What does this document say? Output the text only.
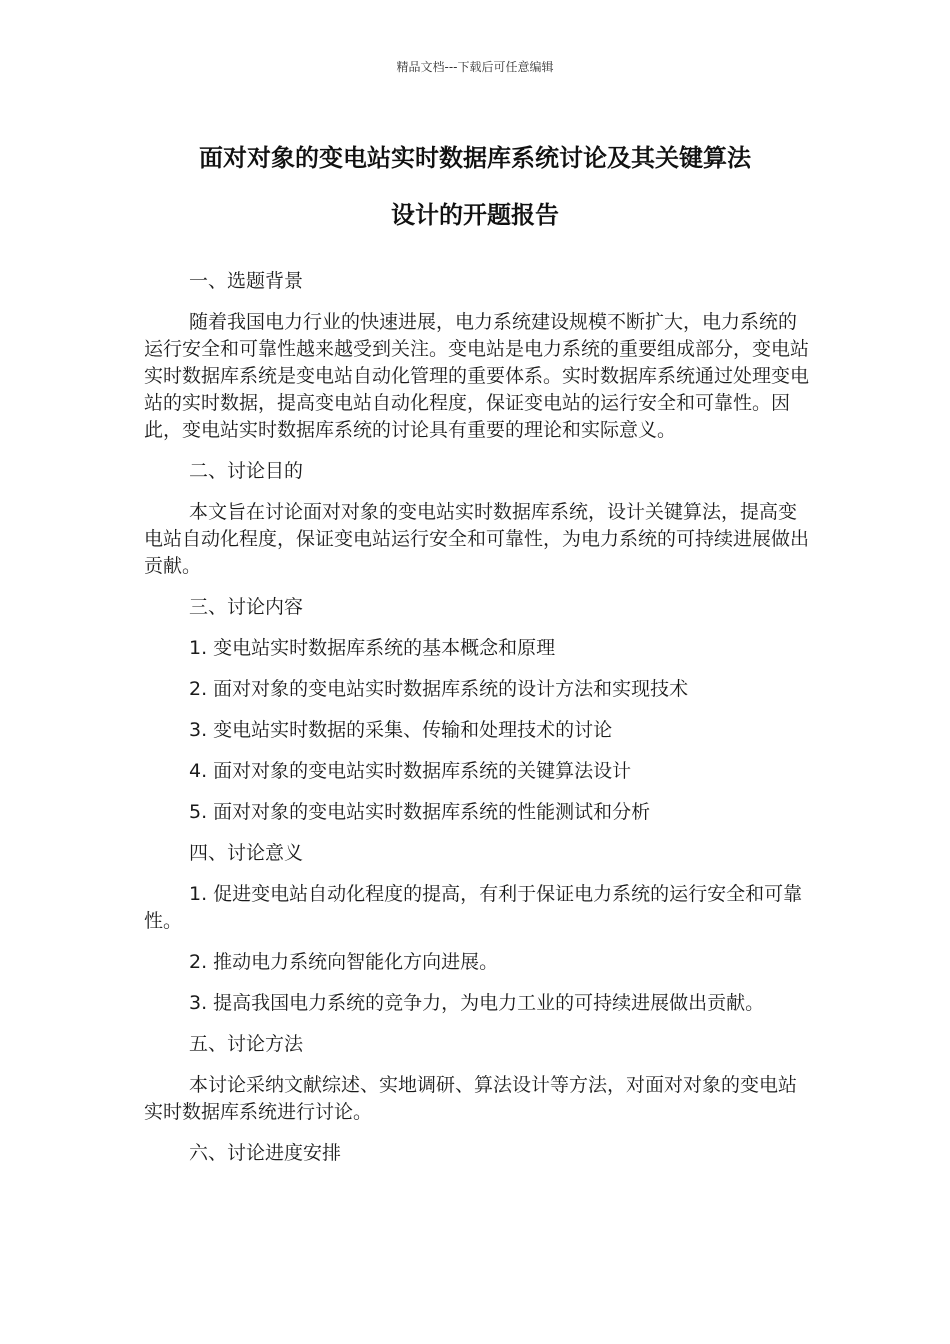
精品文档---下载后可任意编辑
面对对象的变电站实时数据库系统讨论及其关键算法
设计的开题报告

一、选题背景

随着我国电力行业的快速进展，电力系统建设规模不断扩大，电力系统的运行安全和可靠性越来越受到关注。变电站是电力系统的重要组成部分，变电站实时数据库系统是变电站自动化管理的重要体系。实时数据库系统通过处理变电站的实时数据，提高变电站自动化程度，保证变电站的运行安全和可靠性。因此，变电站实时数据库系统的讨论具有重要的理论和实际意义。

二、讨论目的

本文旨在讨论面对对象的变电站实时数据库系统，设计关键算法，提高变电站自动化程度，保证变电站运行安全和可靠性，为电力系统的可持续进展做出贡献。

三、讨论内容

1. 变电站实时数据库系统的基本概念和原理

2. 面对对象的变电站实时数据库系统的设计方法和实现技术

3. 变电站实时数据的采集、传输和处理技术的讨论

4. 面对对象的变电站实时数据库系统的关键算法设计

5. 面对对象的变电站实时数据库系统的性能测试和分析

四、讨论意义

1. 促进变电站自动化程度的提高，有利于保证电力系统的运行安全和可靠性。

2. 推动电力系统向智能化方向进展。

3. 提高我国电力系统的竞争力，为电力工业的可持续进展做出贡献。

五、讨论方法

本讨论采纳文献综述、实地调研、算法设计等方法，对面对对象的变电站实时数据库系统进行讨论。

六、讨论进度安排
